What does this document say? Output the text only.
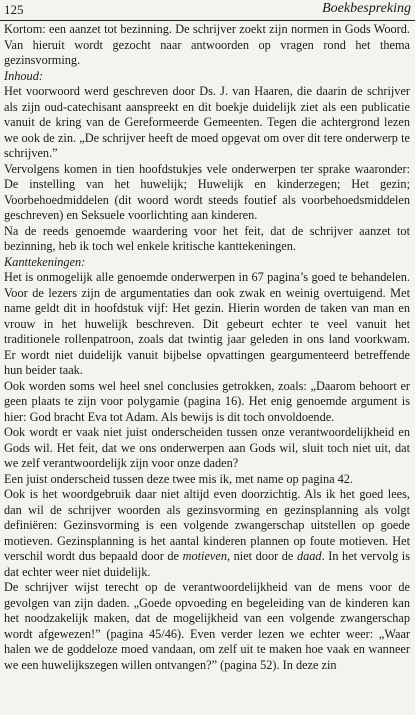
125	Boekbespreking

Kortom: een aanzet tot bezinning. De schrijver zoekt zijn normen in Gods Woord. Van hieruit wordt gezocht naar antwoorden op vragen rond het thema gezinsvorming.

Inhoud:

Het voorwoord werd geschreven door Ds. J. van Haaren, die daarin de schrijver als zijn oud-catechisant aanspreekt en dit boekje duidelijk ziet als een publicatie vanuit de kring van de Gereformeerde Gemeenten. Tegen die achtergrond lezen we ook de zin. „De schrijver heeft de moed opgevat om over dit tere onderwerp te schrijven.”

Vervolgens komen in tien hoofdstukjes vele onderwerpen ter sprake waaronder: De instelling van het huwelijk; Huwelijk en kinderzegen; Het gezin; Voorbehoedmiddelen (dit woord wordt steeds foutief als voorbehoedsmiddelen geschreven) en Seksuele voorlichting aan kinderen.

Na de reeds genoemde waardering voor het feit, dat de schrijver aanzet tot bezinning, heb ik toch wel enkele kritische kanttekeningen.

Kanttekeningen:

Het is onmogelijk alle genoemde onderwerpen in 67 pagina’s goed te behandelen. Voor de lezers zijn de argumentaties dan ook zwak en weinig overtuigend. Met name geldt dit in hoofdstuk vijf: Het gezin. Hierin worden de taken van man en vrouw in het huwelijk beschreven. Dit gebeurt echter te veel vanuit het traditionele rollenpatroon, zoals dat twintig jaar geleden in ons land voorkwam. Er wordt niet duidelijk vanuit bijbelse opvattingen geargumenteerd betreffende hun beider taak.

Ook worden soms wel heel snel conclusies getrokken, zoals: „Daarom behoort er geen plaats te zijn voor polygamie (pagina 16). Het enig genoemde argument is hier: God bracht Eva tot Adam. Als bewijs is dit toch onvoldoende.

Ook wordt er vaak niet juist onderscheiden tussen onze verantwoordelijkheid en Gods wil. Het feit, dat we ons onderwerpen aan Gods wil, sluit toch niet uit, dat we zelf verantwoordelijk zijn voor onze daden?

Een juist onderscheid tussen deze twee mis ik, met name op pagina 42.

Ook is het woordgebruik daar niet altijd even doorzichtig. Als ik het goed lees, dan wil de schrijver woorden als gezinsvorming en gezinsplanning als volgt definiëren: Gezinsvorming is een volgende zwangerschap uitstellen op goede motieven. Gezinsplanning is het aantal kinderen plannen op foute motieven. Het verschil wordt dus bepaald door de motieven, niet door de daad. In het vervolg is dat echter weer niet duidelijk.

De schrijver wijst terecht op de verantwoordelijkheid van de mens voor de gevolgen van zijn daden. „Goede opvoeding en begeleiding van de kinderen kan het noodzakelijk maken, dat de mogelijkheid van een volgende zwangerschap wordt afgewezen!” (pagina 45/46). Even verder lezen we echter weer: „Waar halen we de goddeloze moed vandaan, om zelf uit te maken hoe vaak en wanneer we een huwelijkszegen willen ontvangen?” (pagina 52). In deze zin
